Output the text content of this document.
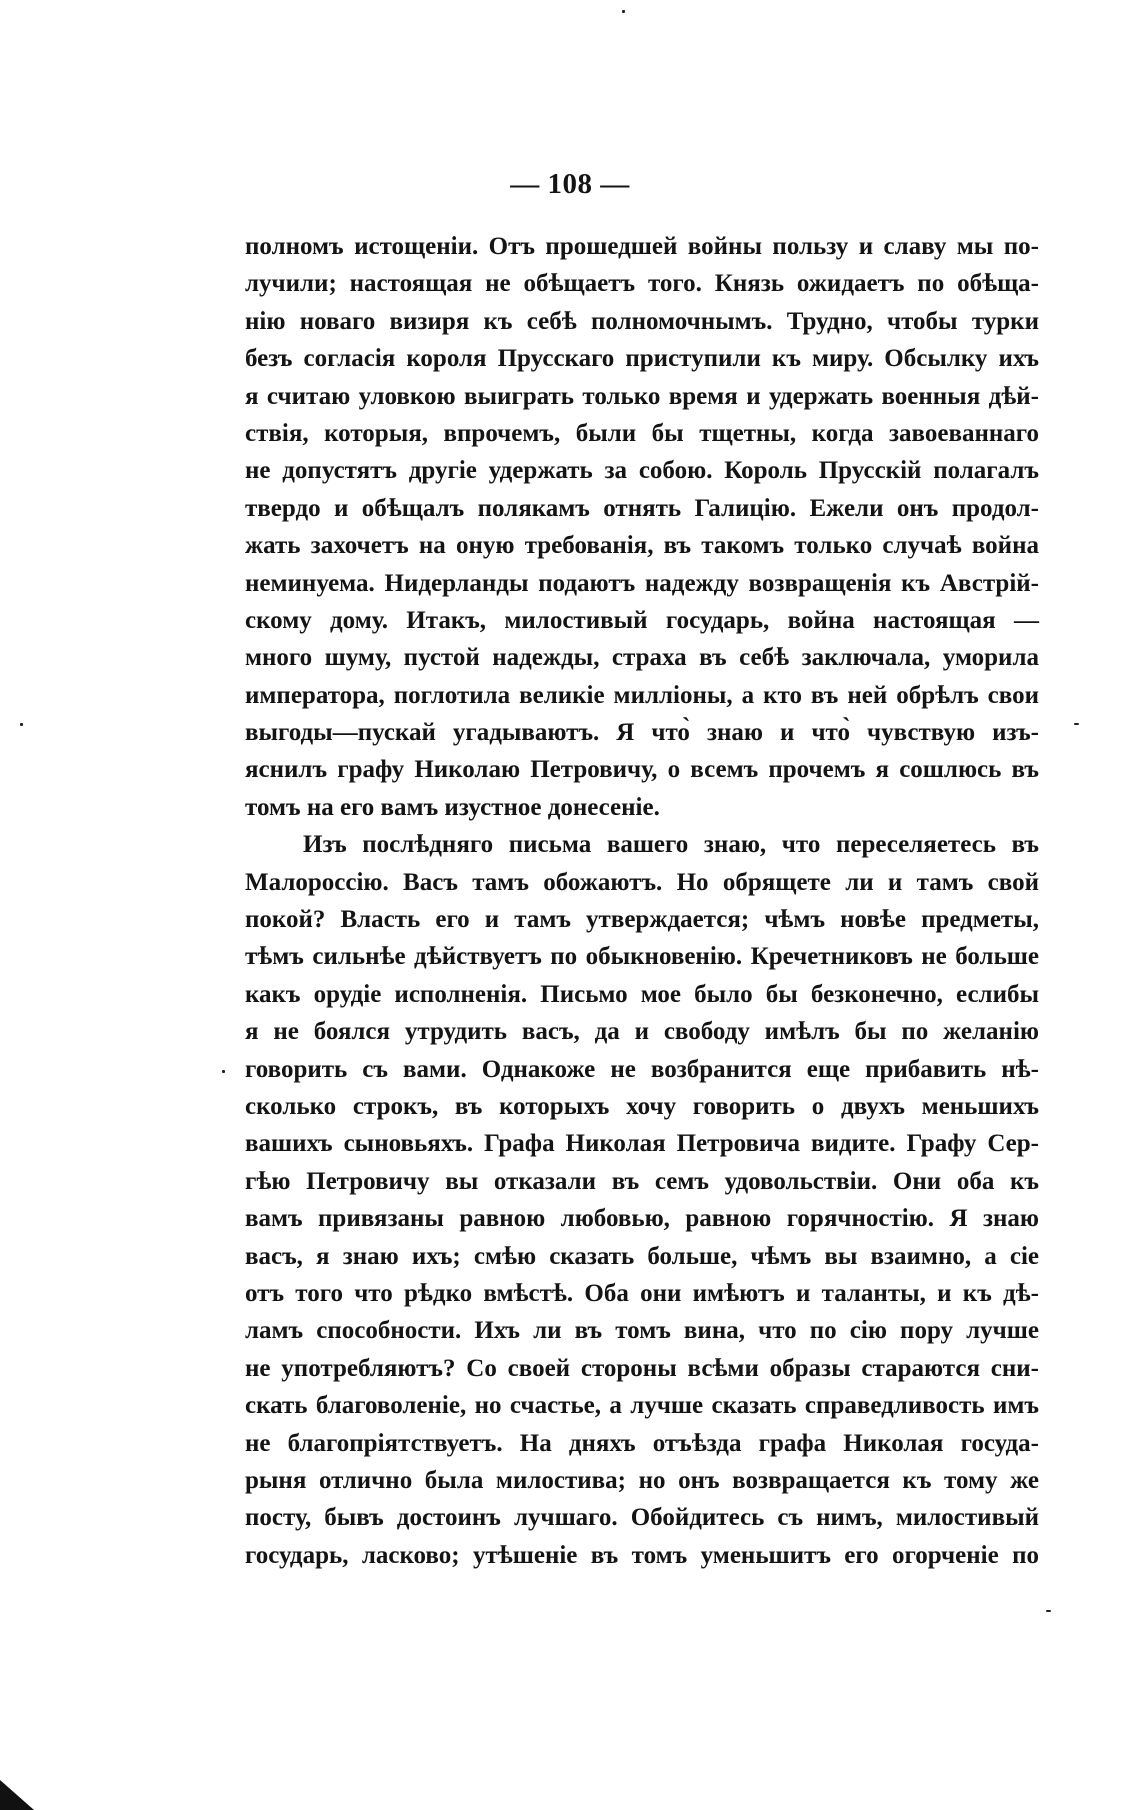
— 108 —
полномъ истощеніи. Отъ прошедшей войны пользу и славу мы по-
лучили; настоящая не обѣщаетъ того. Князь ожидаетъ по обѣща-
нію новаго визиря къ себѣ полномочнымъ. Трудно, чтобы турки
безъ согласія короля Прусскаго приступили къ миру. Обсылку ихъ
я считаю уловкою выиграть только время и удержать военныя дѣй-
ствія, которыя, впрочемъ, были бы тщетны, когда завоеваннаго
не допустятъ другіе удержать за собою. Король Прусскій полагалъ
твердо и обѣщалъ полякамъ отнять Галицію. Ежели онъ продол-
жать захочетъ на оную требованія, въ такомъ только случаѣ война
неминуема. Нидерланды подаютъ надежду возвращенія къ Австрій-
скому дому. Итакъ, милостивый государь, война настоящая —
много шуму, пустой надежды, страха въ себѣ заключала, уморила
императора, поглотила великіе милліоны, а кто въ ней обрѣлъ свои
выгоды—пускай угадываютъ. Я что̀ знаю и что̀ чувствую изъ-
яснилъ графу Николаю Петровичу, о всемъ прочемъ я сошлюсь въ
томъ на его вамъ изустное донесеніе.
Изъ послѣдняго письма вашего знаю, что переселяетесь въ
Малороссію. Васъ тамъ обожаютъ. Но обрящете ли и тамъ свой
покой? Власть его и тамъ утверждается; чѣмъ новѣе предметы,
тѣмъ сильнѣе дѣйствуетъ по обыкновенію. Кречетниковъ не больше
какъ орудіе исполненія. Письмо мое было бы безконечно, еслибы
я не боялся утрудить васъ, да и свободу имѣлъ бы по желанію
говорить съ вами. Однакоже не возбранится еще прибавить нѣ-
сколько строкъ, въ которыхъ хочу говорить о двухъ меньшихъ
вашихъ сыновьяхъ. Графа Николая Петровича видите. Графу Сер-
гѣю Петровичу вы отказали въ семъ удовольствіи. Они оба къ
вамъ привязаны равною любовью, равною горячностію. Я знаю
васъ, я знаю ихъ; смѣю сказать больше, чѣмъ вы взаимно, а сіе
отъ того что рѣдко вмѣстѣ. Оба они имѣютъ и таланты, и къ дѣ-
ламъ способности. Ихъ ли въ томъ вина, что по сію пору лучше
не употребляютъ? Со своей стороны всѣми образы стараются сни-
скать благоволеніе, но счастье, а лучше сказать справедливость имъ
не благопріятствуетъ. На дняхъ отъѣзда графа Николая госуда-
рыня отлично была милостива; но онъ возвращается къ тому же
посту, бывъ достоинъ лучшаго. Обойдитесь съ нимъ, милостивый
государь, ласково; утѣшеніе въ томъ уменьшитъ его огорченіе по
